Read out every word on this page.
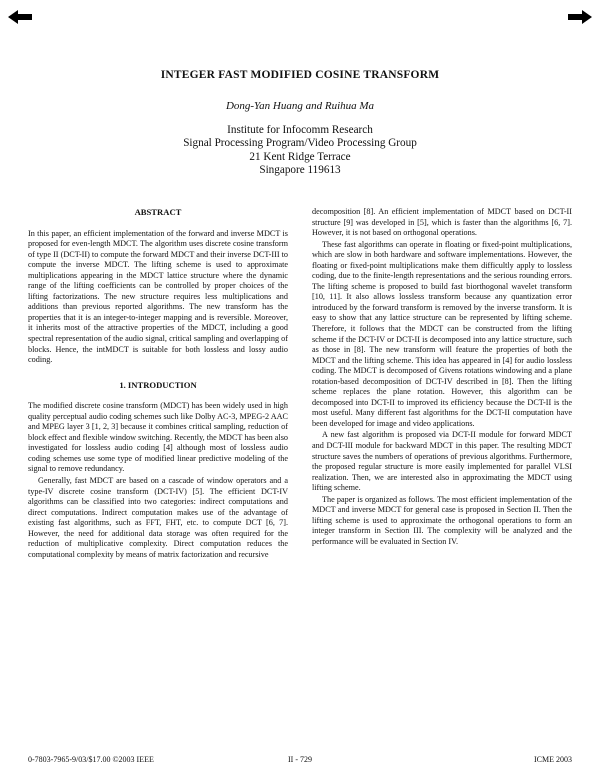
INTEGER FAST MODIFIED COSINE TRANSFORM
Dong-Yan Huang and Ruihua Ma
Institute for Infocomm Research
Signal Processing Program/Video Processing Group
21 Kent Ridge Terrace
Singapore 119613
ABSTRACT

In this paper, an efficient implementation of the forward and inverse MDCT is proposed for even-length MDCT. The algorithm uses discrete cosine transform of type II (DCT-II) to compute the forward MDCT and their inverse DCT-III to compute the inverse MDCT. The lifting scheme is used to approximate multiplications appearing in the MDCT lattice structure where the dynamic range of the lifting coefficients can be controlled by proper choices of the lifting factorizations. The new structure requires less multiplications and additions than previous reported algorithms. The new transform has the properties that it is an integer-to-integer mapping and is reversible. Moreover, it inherits most of the attractive properties of the MDCT, including a good spectral representation of the audio signal, critical sampling and overlapping of blocks. Hence, the intMDCT is suitable for both lossless and lossy audio coding.

1. INTRODUCTION

The modified discrete cosine transform (MDCT) has been widely used in high quality perceptual audio coding schemes such like Dolby AC-3, MPEG-2 AAC and MPEG layer 3 [1, 2, 3] because it combines critical sampling, reduction of block effect and flexible window switching. Recently, the MDCT has been also investigated for lossless audio coding [4] although most of lossless audio coding schemes use some type of modified linear predictive modeling of the signal to remove redundancy.

Generally, fast MDCT are based on a cascade of window operators and a type-IV discrete cosine transform (DCT-IV) [5]. The efficient DCT-IV algorithms can be classified into two categories: indirect computations and direct computations. Indirect computation makes use of the advantage of existing fast algorithms, such as FFT, FHT, etc. to compute DCT [6, 7]. However, the need for additional data storage was often required for the reduction of multiplicative complexity. Direct computation reduces the computational complexity by means of matrix factorization and recursive

decomposition [8]. An efficient implementation of MDCT based on DCT-II structure [9] was developed in [5], which is faster than the algorithms [6, 7]. However, it is not based on orthogonal operations.

These fast algorithms can operate in floating or fixed-point multiplications, which are slow in both hardware and software implementations. However, the floating or fixed-point multiplications make them difficultly apply to lossless coding, due to the finite-length representations and the serious rounding errors. The lifting scheme is proposed to build fast biorthogonal wavelet transform [10, 11]. It also allows lossless transform because any quantization error introduced by the forward transform is removed by the inverse transform. It is easy to show that any lattice structure can be represented by lifting scheme. Therefore, it follows that the MDCT can be constructed from the lifting scheme if the DCT-IV or DCT-II is decomposed into any lattice structure, such as those in [8]. The new transform will feature the properties of both the MDCT and the lifting scheme. This idea has appeared in [4] for audio lossless coding. The MDCT is decomposed of Givens rotations windowing and a plane rotation-based decomposition of DCT-IV described in [8]. Then the lifting scheme replaces the plane rotation. However, this algorithm can be decomposed into DCT-II to improved its efficiency because the DCT-II is the most useful. Many different fast algorithms for the DCT-II computation have been developed for image and video applications.

A new fast algorithm is proposed via DCT-II module for forward MDCT and DCT-III module for backward MDCT in this paper. The resulting MDCT structure saves the numbers of operations of previous algorithms. Furthermore, the proposed regular structure is more easily implemented for parallel VLSI realization. Then, we are interested also in approximating the MDCT using lifting scheme.

The paper is organized as follows. The most efficient implementation of the MDCT and inverse MDCT for general case is proposed in Section II. Then the lifting scheme is used to approximate the orthogonal operations to form an integer transform in Section III. The complexity will be analyzed and the performance will be evaluated in Section IV.

0-7803-7965-9/03/$17.00 ©2003 IEEE	II - 729	ICME 2003
